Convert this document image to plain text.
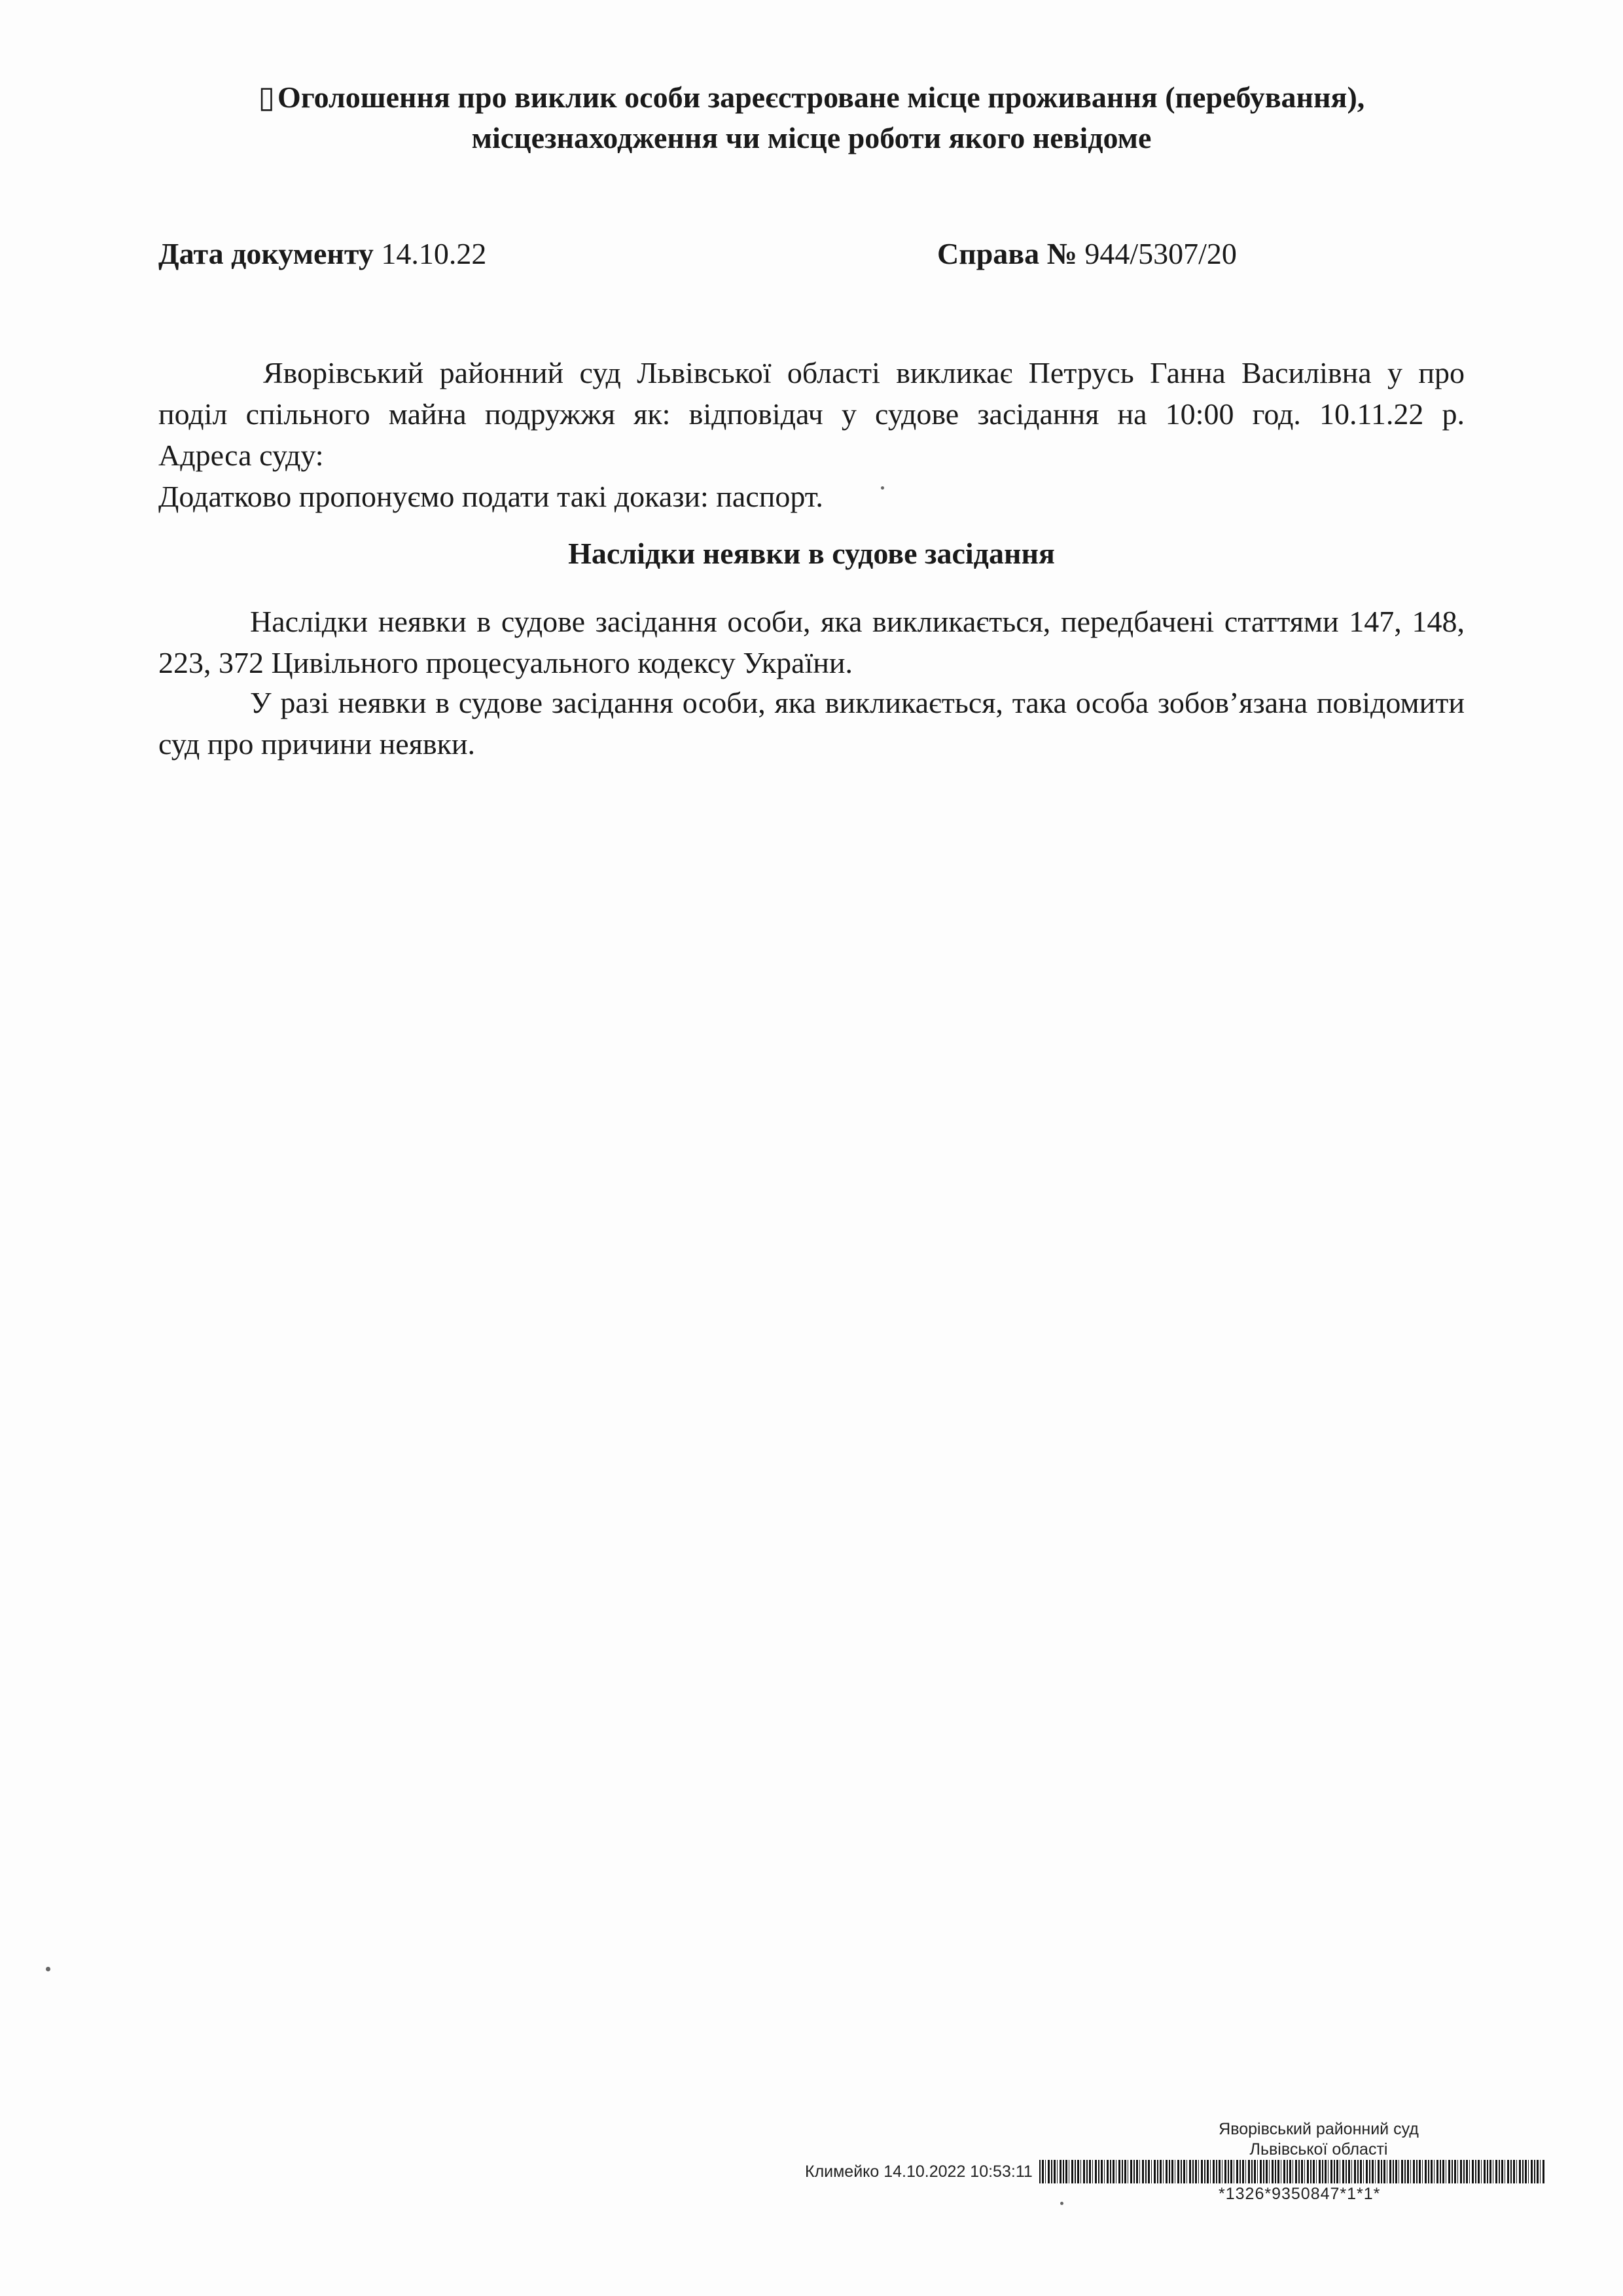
▯Оголошення про виклик особи зареєстроване місце проживання (перебування),
місцезнаходження чи місце роботи якого невідоме
Дата документу 14.10.22	Справа № 944/5307/20
Яворівський районний суд Львівської області викликає Петрусь Ганна Василівна у про
поділ спільного майна подружжя як: відповідач у судове засідання на 10:00 год. 10.11.22 р.
Адреса суду:
Додатково пропонуємо подати такі докази: паспорт.
Наслідки неявки в судове засідання

Наслідки неявки в судове засідання особи, яка викликається, передбачені статтями 147, 148, 223, 372 Цивільного процесуального кодексу України.

У разі неявки в судове засідання особи, яка викликається, така особа зобов’язана повідомити суд про причини неявки.

Яворівський районний суд
Львівської області
Климейко 14.10.2022 10:53:11
*1326*9350847*1*1*
